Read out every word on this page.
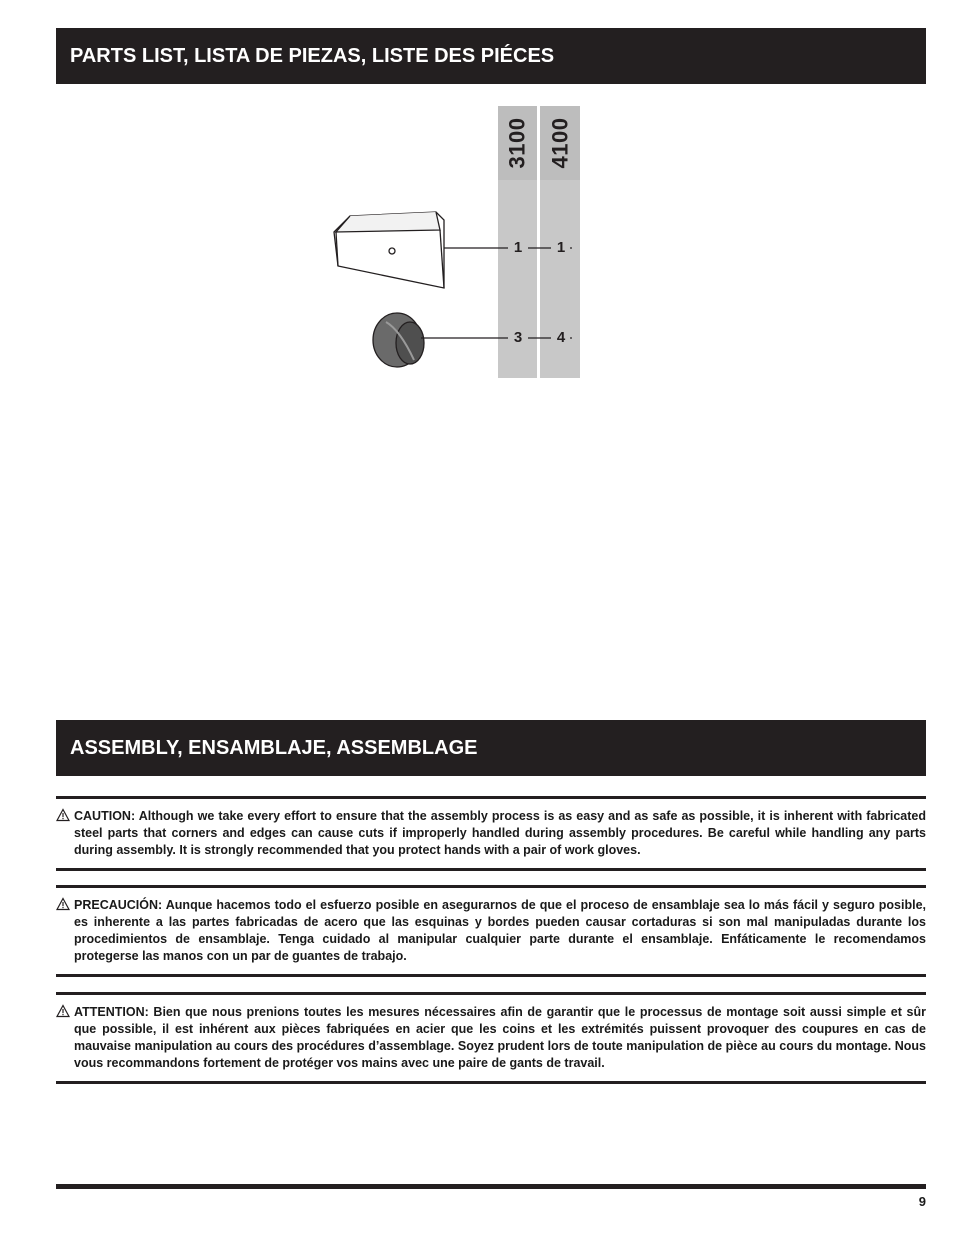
PARTS LIST, LISTA DE PIEZAS, LISTE DES PIÉCES
3100 4100
1 1
3 4
ASSEMBLY, ENSAMBLAJE, ASSEMBLAGE

CAUTION: Although we take every effort to ensure that the assembly process is as easy and as safe as possible, it is inherent with fabricated steel parts that corners and edges can cause cuts if improperly handled during assembly procedures. Be careful while handling any parts during assembly. It is strongly recommended that you protect hands with a pair of work gloves.

PRECAUCIÓN: Aunque hacemos todo el esfuerzo posible en asegurarnos de que el proceso de ensamblaje sea lo más fácil y seguro posible, es inherente a las partes fabricadas de acero que las esquinas y bordes pueden causar cortaduras si son mal manipuladas durante los procedimientos de ensamblaje. Tenga cuidado al manipular cualquier parte durante el ensamblaje. Enfáticamente le recomendamos protegerse las manos con un par de guantes de trabajo.

ATTENTION: Bien que nous prenions toutes les mesures nécessaires afin de garantir que le processus de montage soit aussi simple et sûr que possible, il est inhérent aux pièces fabriquées en acier que les coins et les extrémités puissent provoquer des coupures en cas de mauvaise manipulation au cours des procédures d’assemblage. Soyez prudent lors de toute manipulation de pièce au cours du montage. Nous vous recommandons fortement de protéger vos mains avec une paire de gants de travail.

9
